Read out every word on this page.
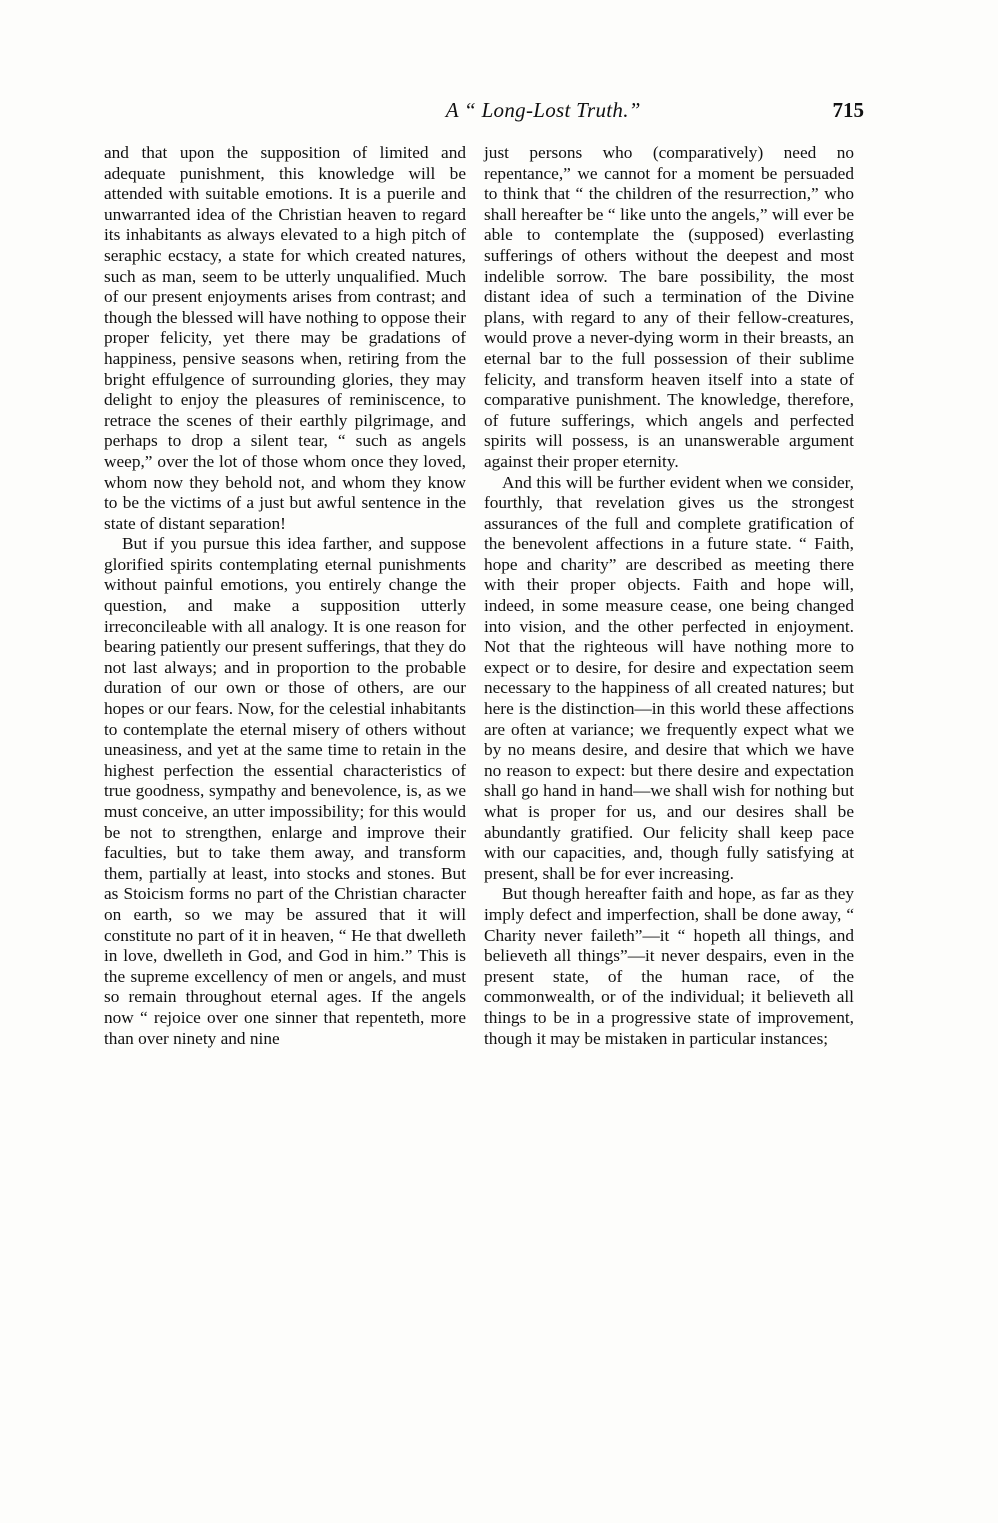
A “ Long-Lost Truth.”	715

and that upon the supposition of limited and adequate punishment, this knowledge will be attended with suitable emotions. It is a puerile and unwarranted idea of the Christian heaven to regard its inhabitants as always elevated to a high pitch of seraphic ecstacy, a state for which created natures, such as man, seem to be utterly unqualified. Much of our present enjoyments arises from contrast; and though the blessed will have nothing to oppose their proper felicity, yet there may be gradations of happiness, pensive seasons when, retiring from the bright effulgence of surrounding glories, they may delight to enjoy the pleasures of reminiscence, to retrace the scenes of their earthly pilgrimage, and perhaps to drop a silent tear, “ such as angels weep,” over the lot of those whom once they loved, whom now they behold not, and whom they know to be the victims of a just but awful sentence in the state of distant separation!

But if you pursue this idea farther, and suppose glorified spirits contemplating eternal punishments without painful emotions, you entirely change the question, and make a supposition utterly irreconcileable with all analogy. It is one reason for bearing patiently our present sufferings, that they do not last always; and in proportion to the probable duration of our own or those of others, are our hopes or our fears. Now, for the celestial inhabitants to contemplate the eternal misery of others without uneasiness, and yet at the same time to retain in the highest perfection the essential characteristics of true goodness, sympathy and benevolence, is, as we must conceive, an utter impossibility; for this would be not to strengthen, enlarge and improve their faculties, but to take them away, and transform them, partially at least, into stocks and stones. But as Stoicism forms no part of the Christian character on earth, so we may be assured that it will constitute no part of it in heaven, “ He that dwelleth in love, dwelleth in God, and God in him.” This is the supreme excellency of men or angels, and must so remain throughout eternal ages. If the angels now “ rejoice over one sinner that repenteth, more than over ninety and nine

just persons who (comparatively) need no repentance,” we cannot for a moment be persuaded to think that “ the children of the resurrection,” who shall hereafter be “ like unto the angels,” will ever be able to contemplate the (supposed) everlasting sufferings of others without the deepest and most indelible sorrow. The bare possibility, the most distant idea of such a termination of the Divine plans, with regard to any of their fellow-creatures, would prove a never-dying worm in their breasts, an eternal bar to the full possession of their sublime felicity, and transform heaven itself into a state of comparative punishment. The knowledge, therefore, of future sufferings, which angels and perfected spirits will possess, is an unanswerable argument against their proper eternity.

And this will be further evident when we consider, fourthly, that revelation gives us the strongest assurances of the full and complete gratification of the benevolent affections in a future state. “ Faith, hope and charity” are described as meeting there with their proper objects. Faith and hope will, indeed, in some measure cease, one being changed into vision, and the other perfected in enjoyment. Not that the righteous will have nothing more to expect or to desire, for desire and expectation seem necessary to the happiness of all created natures; but here is the distinction—in this world these affections are often at variance; we frequently expect what we by no means desire, and desire that which we have no reason to expect: but there desire and expectation shall go hand in hand—we shall wish for nothing but what is proper for us, and our desires shall be abundantly gratified. Our felicity shall keep pace with our capacities, and, though fully satisfying at present, shall be for ever increasing.

But though hereafter faith and hope, as far as they imply defect and imperfection, shall be done away, “ Charity never faileth”—it “ hopeth all things, and believeth all things”—it never despairs, even in the present state, of the human race, of the commonwealth, or of the individual; it believeth all things to be in a progressive state of improvement, though it may be mistaken in particular instances;
